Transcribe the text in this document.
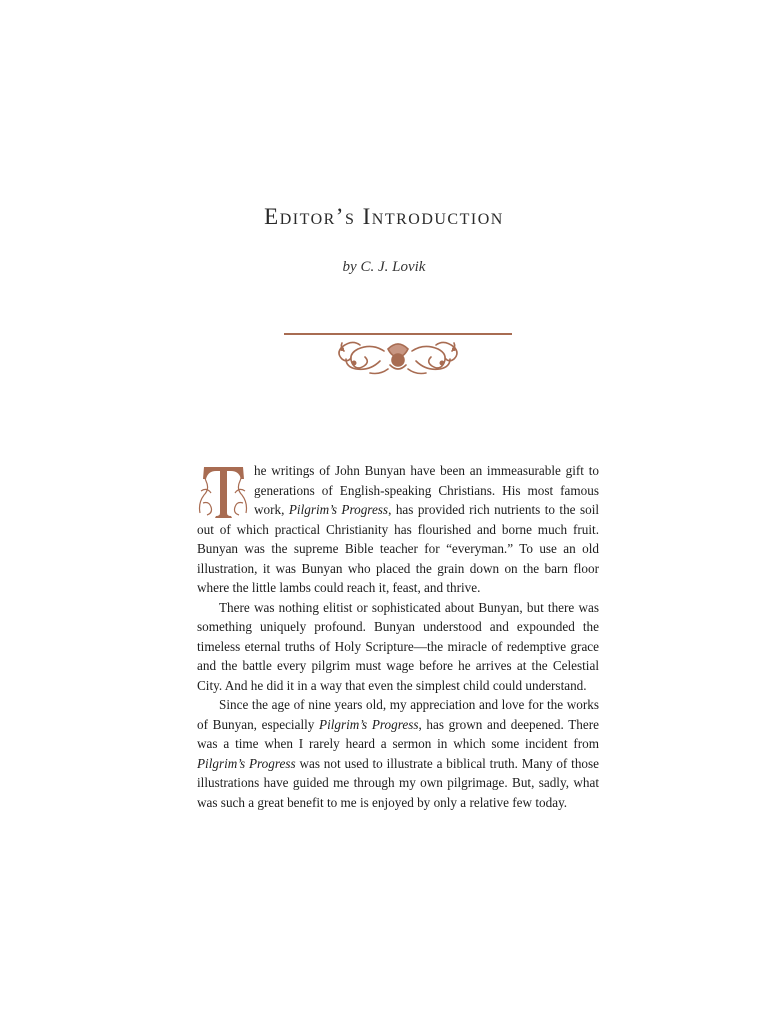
Editor’s Introduction
by C. J. Lovik

he writings of John Bunyan have been an immeasurable gift to generations of English-speaking Christians. His most famous work, Pilgrim’s Progress, has provided rich nutrients to the soil out of which practical Christianity has flourished and borne much fruit. Bunyan was the supreme Bible teacher for “everyman.” To use an old illustration, it was Bunyan who placed the grain down on the barn floor where the little lambs could reach it, feast, and thrive.

There was nothing elitist or sophisticated about Bunyan, but there was something uniquely profound. Bunyan understood and expounded the timeless eternal truths of Holy Scripture—the miracle of redemptive grace and the battle every pilgrim must wage before he arrives at the Celestial City. And he did it in a way that even the simplest child could understand.

Since the age of nine years old, my appreciation and love for the works of Bunyan, especially Pilgrim’s Progress, has grown and deepened. There was a time when I rarely heard a sermon in which some incident from Pilgrim’s Progress was not used to illustrate a biblical truth. Many of those illustrations have guided me through my own pilgrimage. But, sadly, what was such a great benefit to me is enjoyed by only a relative few today.
